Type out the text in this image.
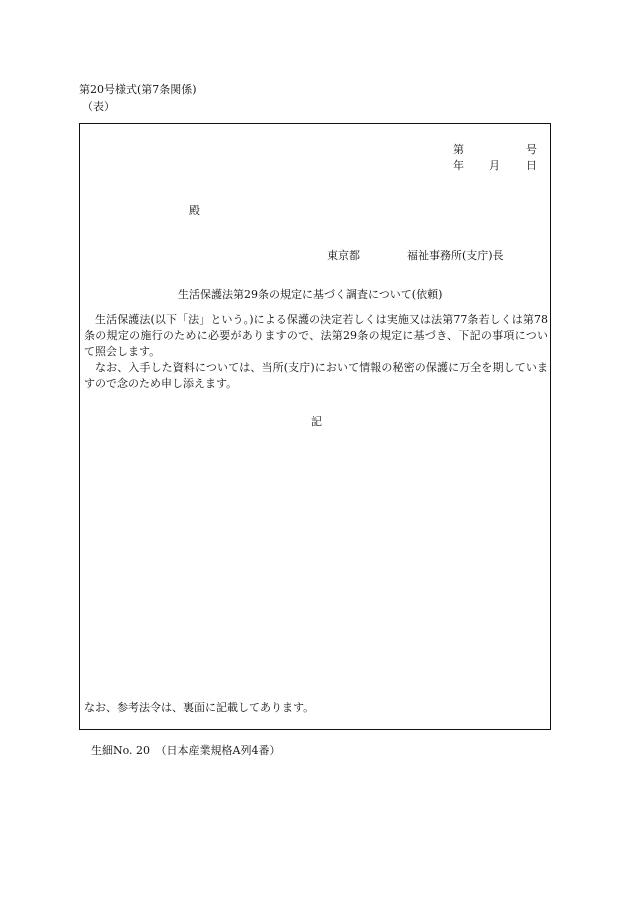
第20号様式(第7条関係)
（表）
第	号
年 月 日
殿
東京都	福祉事務所(支庁)長
生活保護法第29条の規定に基づく調査について(依頼)
生活保護法(以下「法」という。)による保護の決定若しくは実施又は法第77条若しくは第78条の規定の施行のために必要がありますので、法第29条の規定に基づき、下記の事項について照会します。
なお、入手した資料については、当所(支庁)において情報の秘密の保護に万全を期していますので念のため申し添えます。
記
なお、参考法令は、裏面に記載してあります。
生細No. 20　（日本産業規格A列4番）
